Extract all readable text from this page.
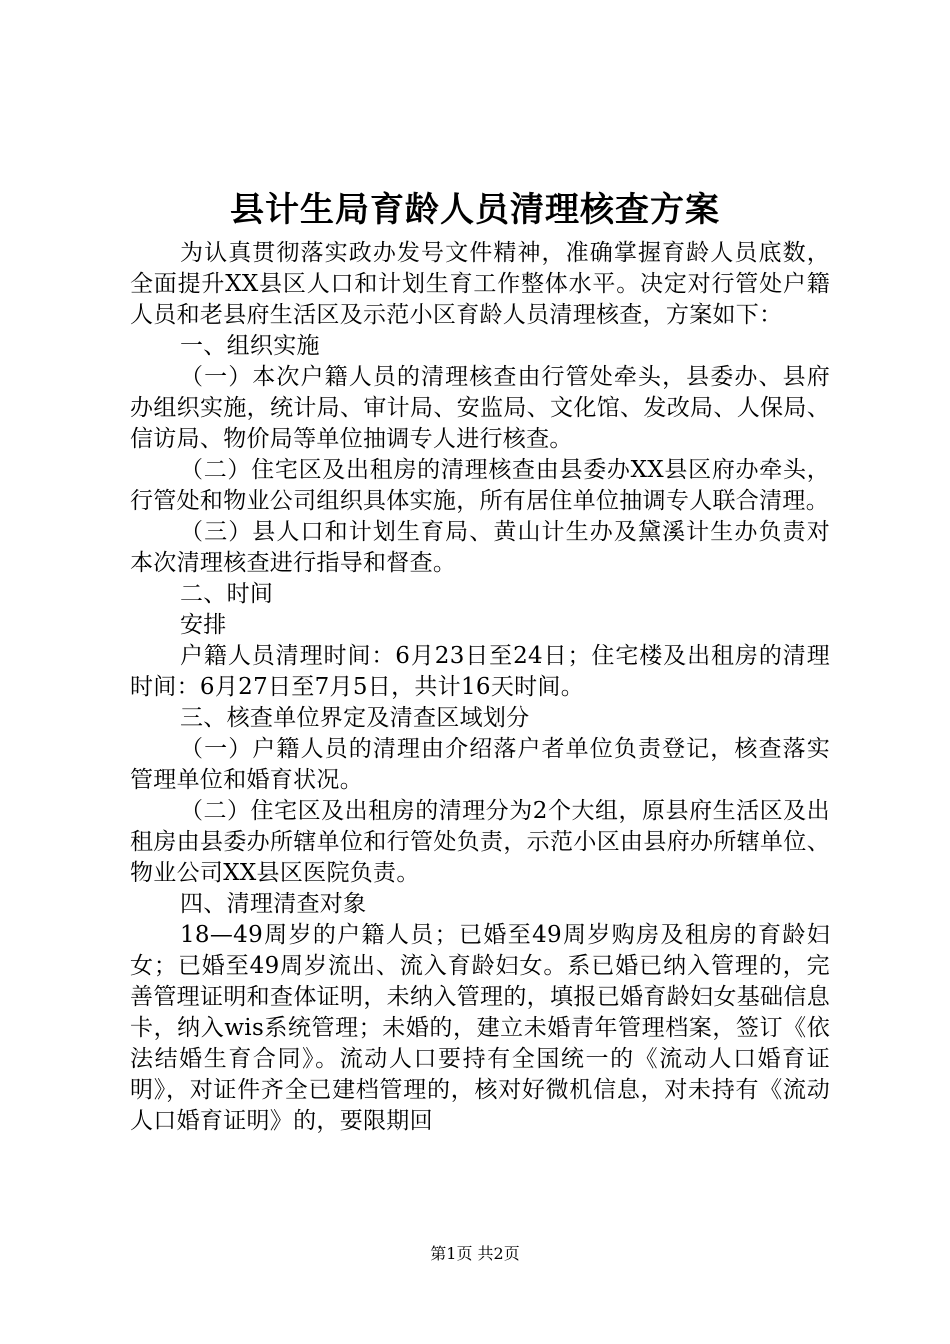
县计生局育龄人员清理核查方案

为认真贯彻落实政办发号文件精神，准确掌握育龄人员底数，全面提升XX县区人口和计划生育工作整体水平。决定对行管处户籍人员和老县府生活区及示范小区育龄人员清理核查，方案如下：

一、组织实施

（一）本次户籍人员的清理核查由行管处牵头，县委办、县府办组织实施，统计局、审计局、安监局、文化馆、发改局、人保局、信访局、物价局等单位抽调专人进行核查。

（二）住宅区及出租房的清理核查由县委办XX县区府办牵头，行管处和物业公司组织具体实施，所有居住单位抽调专人联合清理。

（三）县人口和计划生育局、黄山计生办及黛溪计生办负责对本次清理核查进行指导和督查。

二、时间

安排

户籍人员清理时间：6月23日至24日；住宅楼及出租房的清理时间：6月27日至7月5日，共计16天时间。

三、核查单位界定及清查区域划分

（一）户籍人员的清理由介绍落户者单位负责登记，核查落实管理单位和婚育状况。

（二）住宅区及出租房的清理分为2个大组，原县府生活区及出租房由县委办所辖单位和行管处负责，示范小区由县府办所辖单位、物业公司XX县区医院负责。

四、清理清查对象

18—49周岁的户籍人员；已婚至49周岁购房及租房的育龄妇女；已婚至49周岁流出、流入育龄妇女。系已婚已纳入管理的，完善管理证明和查体证明，未纳入管理的，填报已婚育龄妇女基础信息卡，纳入wis系统管理；未婚的，建立未婚青年管理档案，签订《依法结婚生育合同》。流动人口要持有全国统一的《流动人口婚育证明》，对证件齐全已建档管理的，核对好微机信息，对未持有《流动人口婚育证明》的，要限期回

第1页 共2页
